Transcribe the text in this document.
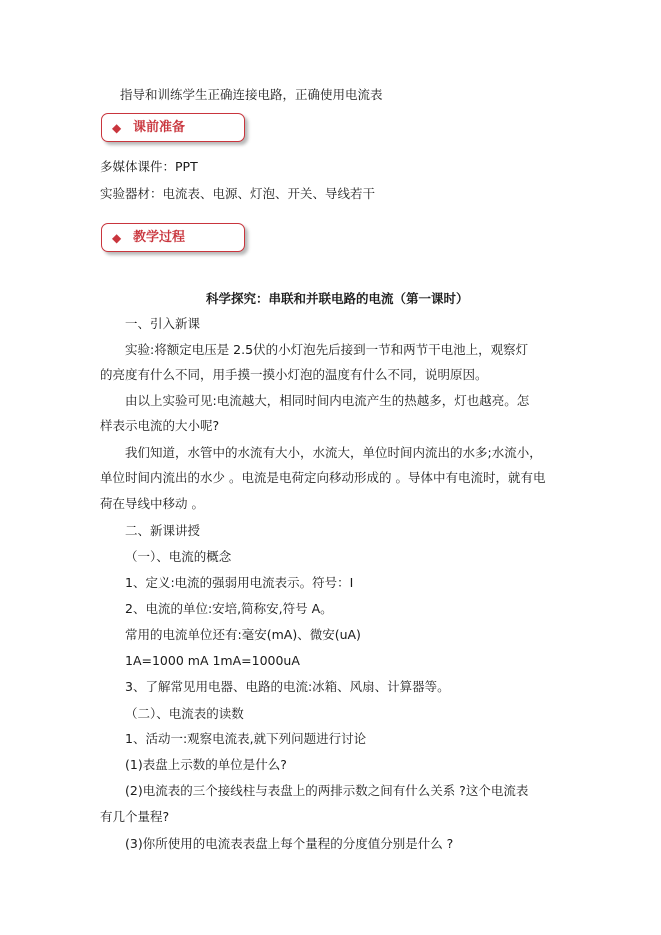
指导和训练学生正确连接电路，正确使用电流表
◆ 课前准备
多媒体课件：PPT
实验器材：电流表、电源、灯泡、开关、导线若干
◆ 教学过程
科学探究：串联和并联电路的电流（第一课时）
一、引入新课
实验:将额定电压是 2.5伏的小灯泡先后接到一节和两节干电池上，观察灯
的亮度有什么不同，用手摸一摸小灯泡的温度有什么不同，说明原因。
由以上实验可见:电流越大，相同时间内电流产生的热越多，灯也越亮。怎
样表示电流的大小呢?
我们知道，水管中的水流有大小，水流大，单位时间内流出的水多;水流小，
单位时间内流出的水少 。电流是电荷定向移动形成的 。导体中有电流时，就有电
荷在导线中移动 。
二、新课讲授
（一）、电流的概念
1、定义:电流的强弱用电流表示。符号：I
2、电流的单位:安培,简称安,符号 A。
常用的电流单位还有:毫安(mA)、微安(uA)
1A=1000 mA 1mA=1000uA
3、了解常见用电器、电路的电流:冰箱、风扇、计算器等。
（二）、电流表的读数
1、活动一:观察电流表,就下列问题进行讨论
(1)表盘上示数的单位是什么?
(2)电流表的三个接线柱与表盘上的两排示数之间有什么关系 ?这个电流表
有几个量程?
(3)你所使用的电流表表盘上每个量程的分度值分别是什么 ?
